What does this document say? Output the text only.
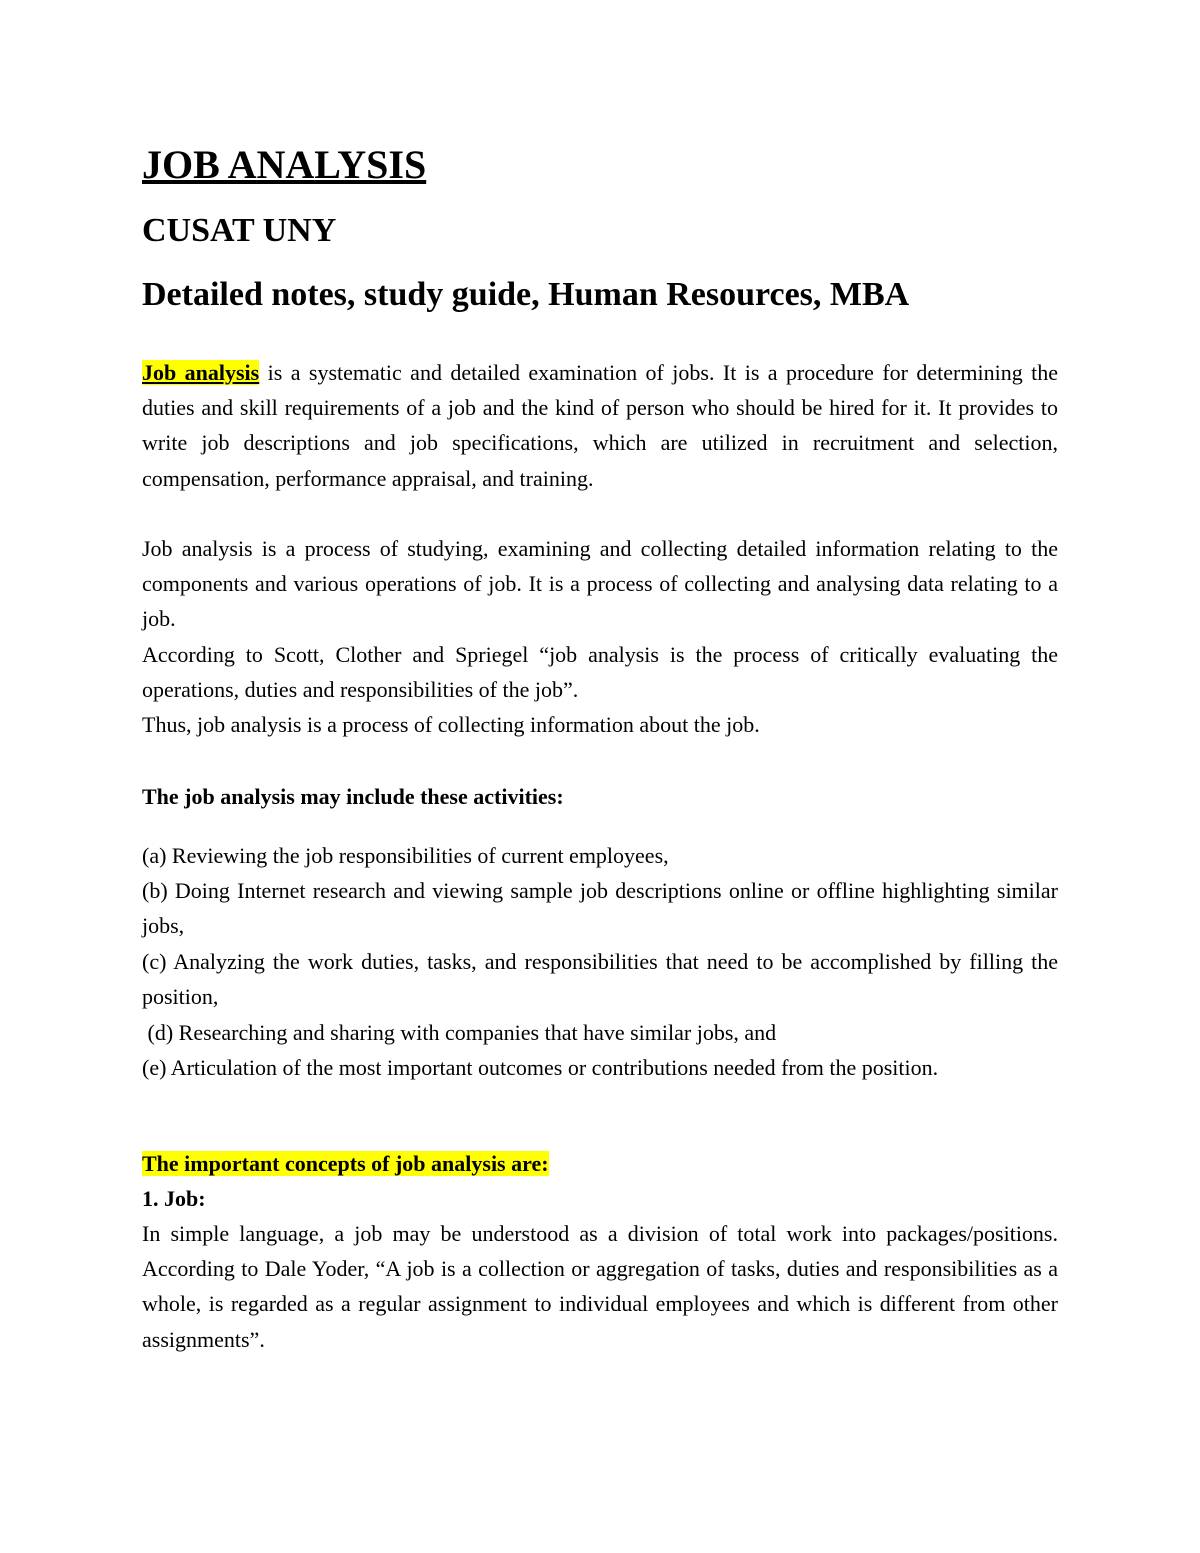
JOB ANALYSIS
CUSAT UNY
Detailed notes, study guide, Human Resources, MBA

Job analysis is a systematic and detailed examination of jobs. It is a procedure for determining the duties and skill requirements of a job and the kind of person who should be hired for it. It provides to write job descriptions and job specifications, which are utilized in recruitment and selection, compensation, performance appraisal, and training.

Job analysis is a process of studying, examining and collecting detailed information relating to the components and various operations of job. It is a process of collecting and analysing data relating to a job.

According to Scott, Clother and Spriegel “job analysis is the process of critically evaluating the operations, duties and responsibilities of the job”.

Thus, job analysis is a process of collecting information about the job.

The job analysis may include these activities:

(a) Reviewing the job responsibilities of current employees,

(b) Doing Internet research and viewing sample job descriptions online or offline highlighting similar jobs,

(c) Analyzing the work duties, tasks, and responsibilities that need to be accomplished by filling the position,

(d) Researching and sharing with companies that have similar jobs, and

(e) Articulation of the most important outcomes or contributions needed from the position.

The important concepts of job analysis are:

1. Job:

In simple language, a job may be understood as a division of total work into packages/positions. According to Dale Yoder, “A job is a collection or aggregation of tasks, duties and responsibilities as a whole, is regarded as a regular assignment to individual employees and which is different from other assignments”.
